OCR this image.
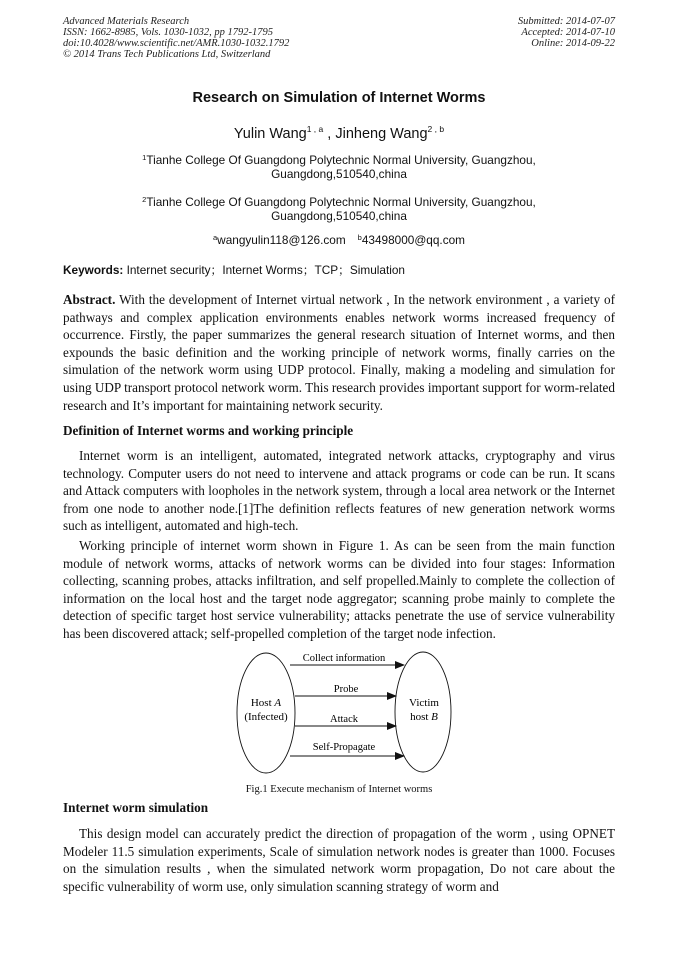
Advanced Materials Research
ISSN: 1662-8985, Vols. 1030-1032, pp 1792-1795
doi:10.4028/www.scientific.net/AMR.1030-1032.1792
© 2014 Trans Tech Publications Ltd, Switzerland
Submitted: 2014-07-07
Accepted: 2014-07-10
Online: 2014-09-22
Research on Simulation of Internet Worms
Yulin Wang$^{1 , a}$ , Jinheng Wang$^{2 , b}$
$^1$Tianhe College Of Guangdong Polytechnic Normal University, Guangzhou,
Guangdong,510540,china
$^2$Tianhe College Of Guangdong Polytechnic Normal University, Guangzhou,
Guangdong,510540,china
$^a$wangyulin118@126.com $^b$43498000@qq.com
Keywords: Internet security；Internet Worms；TCP；Simulation

Abstract. With the development of Internet virtual network , In the network environment , a variety of pathways and complex application environments enables network worms increased frequency of occurrence. Firstly, the paper summarizes the general research situation of Internet worms, and then expounds the basic definition and the working principle of network worms, finally carries on the simulation of the network worm using UDP protocol. Finally, making a modeling and simulation for using UDP transport protocol network worm. This research provides important support for worm-related research and It’s important for maintaining network security.

Definition of Internet worms and working principle

Internet worm is an intelligent, automated, integrated network attacks, cryptography and virus technology. Computer users do not need to intervene and attack programs or code can be run. It scans and Attack computers with loopholes in the network system, through a local area network or the Internet from one node to another node.[1]The definition reflects features of new generation network worms such as intelligent, automated and high-tech.

Working principle of internet worm shown in Figure 1. As can be seen from the main function module of network worms, attacks of network worms can be divided into four stages: Information collecting, scanning probes, attacks infiltration, and self propelled.Mainly to complete the collection of information on the local host and the target node aggregator; scanning probe mainly to complete the detection of specific target host service vulnerability; attacks penetrate the use of service vulnerability has been discovered attack; self-propelled completion of the target node infection.

Host A
(Infected)
Victim
host B
Collect information
Probe
Attack
Self-Propagate
Fig.1 Execute mechanism of Internet worms
Internet worm simulation

This design model can accurately predict the direction of propagation of the worm , using OPNET Modeler 11.5 simulation experiments, Scale of simulation network nodes is greater than 1000. Focuses on the simulation results , when the simulated network worm propagation, Do not care about the specific vulnerability of worm use, only simulation scanning strategy of worm and
